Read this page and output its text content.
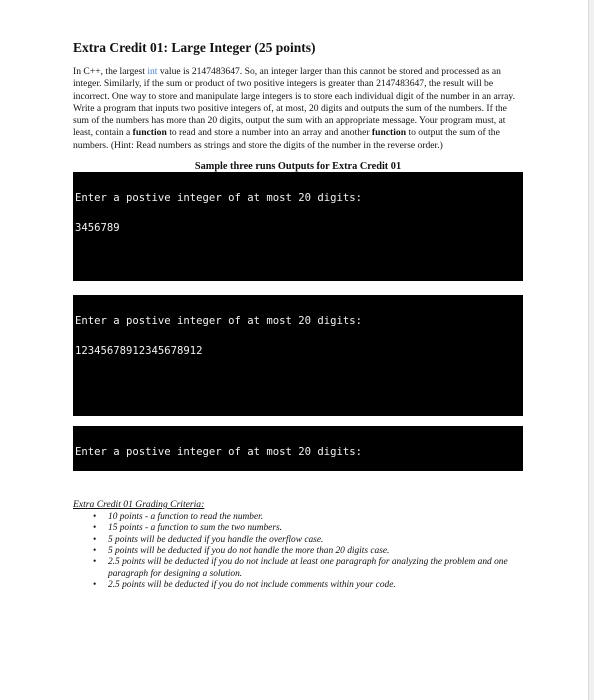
Extra Credit 01: Large Integer (25 points)

In C++, the largest int value is 2147483647. So, an integer larger than this cannot be stored and processed as an integer. Similarly, if the sum or product of two positive integers is greater than 2147483647, the result will be incorrect. One way to store and manipulate large integers is to store each individual digit of the number in an array. Write a program that inputs two positive integers of, at most, 20 digits and outputs the sum of the numbers. If the sum of the numbers has more than 20 digits, output the sum with an appropriate message. Your program must, at least, contain a function to read and store a number into an array and another function to output the sum of the numbers. (Hint: Read numbers as strings and store the digits of the number in the reverse order.)

Sample three runs Outputs for Extra Credit 01

Enter a postive integer of at most 20 digits:

3456789

Enter a postive integer of at most 20 digits:

12345678912345678912

Enter a postive integer of at most 20 digits:

Extra Credit 01 Grading Criteria:
• 10 points - a function to read the number.
• 15 points - a function to sum the two numbers.
• 5 points will be deducted if you handle the overflow case.
• 5 points will be deducted if you do not handle the more than 20 digits case.
• 2.5 points will be deducted if you do not include at least one paragraph for analyzing the problem and one paragraph for designing a solution.
• 2.5 points will be deducted if you do not include comments within your code.
